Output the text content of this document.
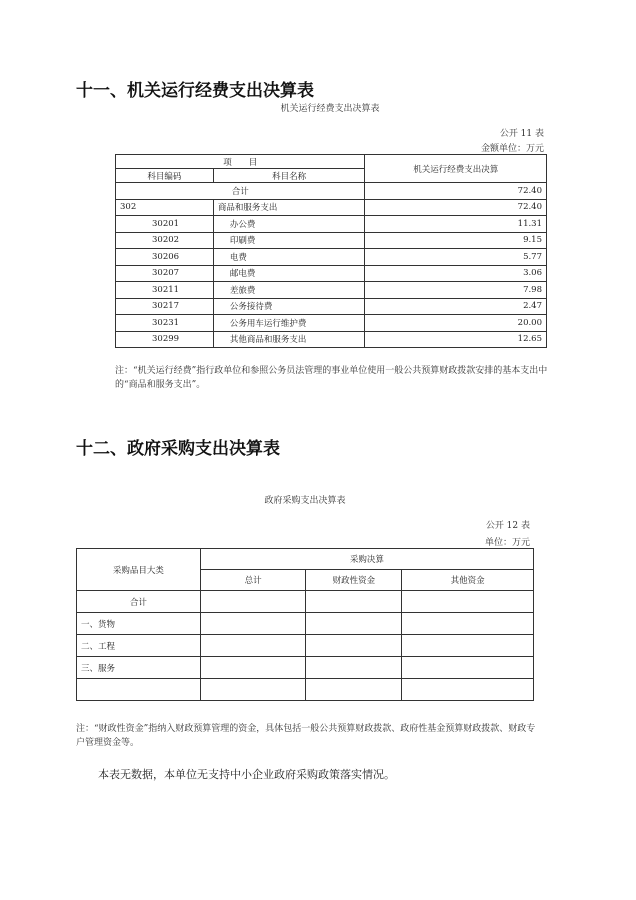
十一、机关运行经费支出决算表
机关运行经费支出决算表
公开 11 表
金额单位：万元
项　　目		机关运行经费支出决算
科目编码	科目名称	
合计		72.40
302	商品和服务支出	72.40
30201	办公费	11.31
30202	印刷费	9.15
30206	电费	5.77
30207	邮电费	3.06
30211	差旅费	7.98
30217	公务接待费	2.47
30231	公务用车运行维护费	20.00
30299	其他商品和服务支出	12.65
注：“机关运行经费”指行政单位和参照公务员法管理的事业单位使用一般公共预算财政拨款安排的基本支出中的“商品和服务支出”。
十二、政府采购支出决算表
政府采购支出决算表
公开 12 表
单位：万元
采购品目大类	采购决算		
	总计	财政性资金	其他资金
合计			
一、货物			
二、工程			
三、服务			

注：“财政性资金”指纳入财政预算管理的资金，具体包括一般公共预算财政拨款、政府性基金预算财政拨款、财政专户管理资金等。
本表无数据，本单位无支持中小企业政府采购政策落实情况。
